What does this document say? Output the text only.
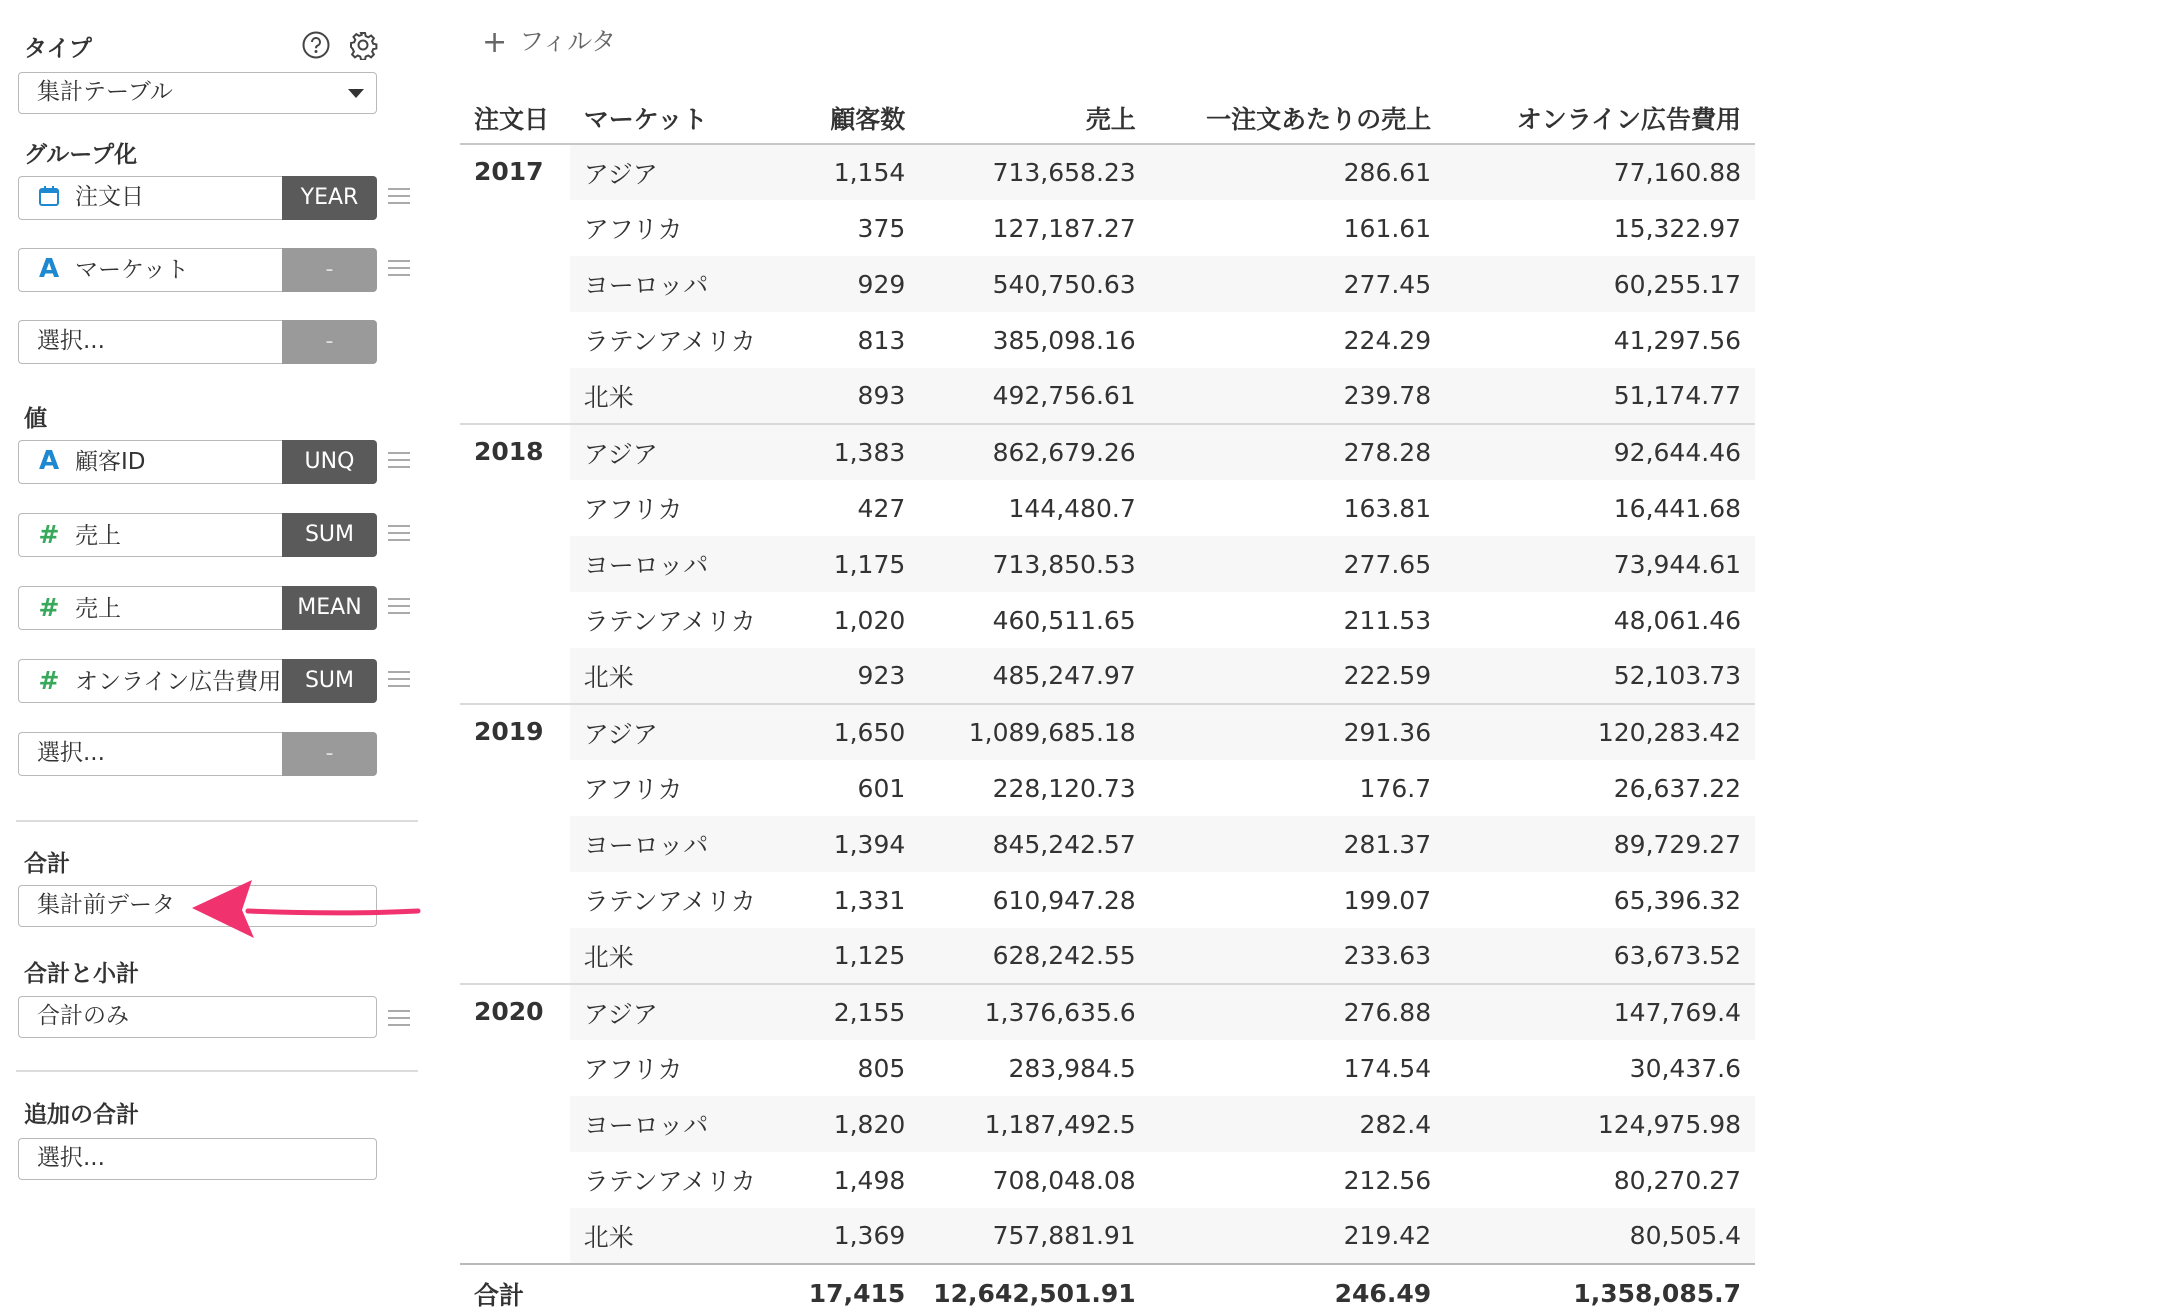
タイプ
集計テーブル
グループ化
注文日	YEAR
A マーケット	-
選択...	-
値
A 顧客ID	UNQ
# 売上	SUM
# 売上	MEAN
# オンライン広告費用	SUM
選択...	-
合計
集計前データ
合計と小計
合計のみ
追加の合計
選択...
+ フィルタ
注文日	マーケット	顧客数	売上	一注文あたりの売上	オンライン広告費用
2017	アジア	1,154	713,658.23	286.61	77,160.88
	アフリカ	375	127,187.27	161.61	15,322.97
	ヨーロッパ	929	540,750.63	277.45	60,255.17
	ラテンアメリカ	813	385,098.16	224.29	41,297.56
	北米	893	492,756.61	239.78	51,174.77
2018	アジア	1,383	862,679.26	278.28	92,644.46
	アフリカ	427	144,480.7	163.81	16,441.68
	ヨーロッパ	1,175	713,850.53	277.65	73,944.61
	ラテンアメリカ	1,020	460,511.65	211.53	48,061.46
	北米	923	485,247.97	222.59	52,103.73
2019	アジア	1,650	1,089,685.18	291.36	120,283.42
	アフリカ	601	228,120.73	176.7	26,637.22
	ヨーロッパ	1,394	845,242.57	281.37	89,729.27
	ラテンアメリカ	1,331	610,947.28	199.07	65,396.32
	北米	1,125	628,242.55	233.63	63,673.52
2020	アジア	2,155	1,376,635.6	276.88	147,769.4
	アフリカ	805	283,984.5	174.54	30,437.6
	ヨーロッパ	1,820	1,187,492.5	282.4	124,975.98
	ラテンアメリカ	1,498	708,048.08	212.56	80,270.27
	北米	1,369	757,881.91	219.42	80,505.4
合計		17,415	12,642,501.91	246.49	1,358,085.7
